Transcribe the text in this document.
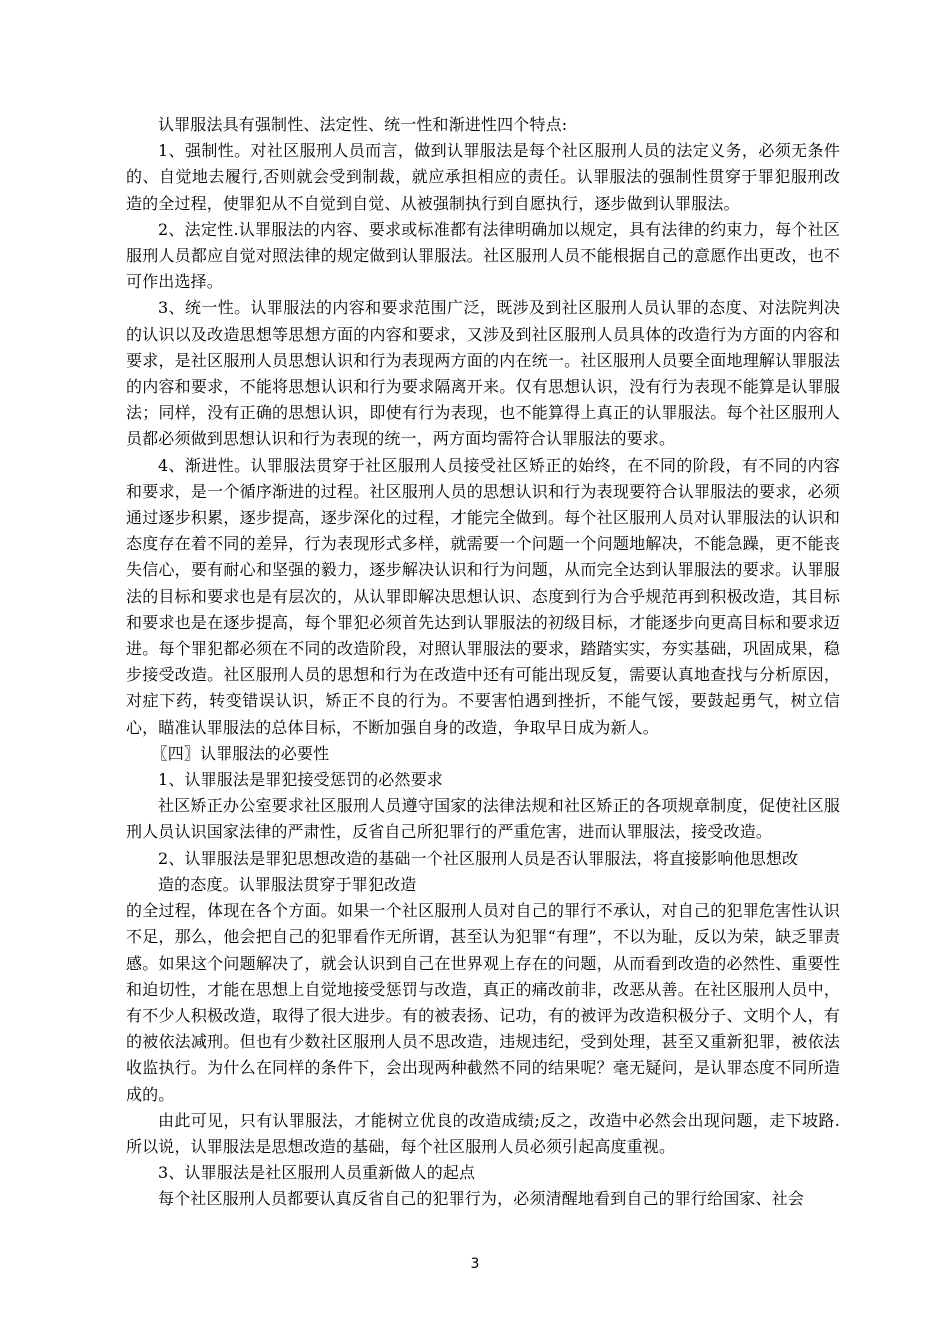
认罪服法具有强制性、法定性、统一性和渐进性四个特点:

1、强制性。对社区服刑人员而言，做到认罪服法是每个社区服刑人员的法定义务，必须无条件的、自觉地去履行,否则就会受到制裁，就应承担相应的责任。认罪服法的强制性贯穿于罪犯服刑改造的全过程，使罪犯从不自觉到自觉、从被强制执行到自愿执行，逐步做到认罪服法。

2、法定性.认罪服法的内容、要求或标准都有法律明确加以规定，具有法律的约束力，每个社区服刑人员都应自觉对照法律的规定做到认罪服法。社区服刑人员不能根据自己的意愿作出更改，也不可作出选择。

3、统一性。认罪服法的内容和要求范围广泛，既涉及到社区服刑人员认罪的态度、对法院判决的认识以及改造思想等思想方面的内容和要求，又涉及到社区服刑人员具体的改造行为方面的内容和要求，是社区服刑人员思想认识和行为表现两方面的内在统一。社区服刑人员要全面地理解认罪服法的内容和要求，不能将思想认识和行为要求隔离开来。仅有思想认识，没有行为表现不能算是认罪服法；同样，没有正确的思想认识，即使有行为表现，也不能算得上真正的认罪服法。每个社区服刑人员都必须做到思想认识和行为表现的统一，两方面均需符合认罪服法的要求。

4、渐进性。认罪服法贯穿于社区服刑人员接受社区矫正的始终，在不同的阶段，有不同的内容和要求，是一个循序渐进的过程。社区服刑人员的思想认识和行为表现要符合认罪服法的要求，必须通过逐步积累，逐步提高，逐步深化的过程，才能完全做到。每个社区服刑人员对认罪服法的认识和态度存在着不同的差异，行为表现形式多样，就需要一个问题一个问题地解决，不能急躁，更不能丧失信心，要有耐心和坚强的毅力，逐步解决认识和行为问题，从而完全达到认罪服法的要求。认罪服法的目标和要求也是有层次的，从认罪即解决思想认识、态度到行为合乎规范再到积极改造，其目标和要求也是在逐步提高，每个罪犯必须首先达到认罪服法的初级目标，才能逐步向更高目标和要求迈进。每个罪犯都必须在不同的改造阶段，对照认罪服法的要求，踏踏实实，夯实基础，巩固成果，稳步接受改造。社区服刑人员的思想和行为在改造中还有可能出现反复，需要认真地查找与分析原因，对症下药，转变错误认识，矫正不良的行为。不要害怕遇到挫折，不能气馁，要鼓起勇气，树立信心，瞄准认罪服法的总体目标，不断加强自身的改造，争取早日成为新人。

〖四〗认罪服法的必要性

1、认罪服法是罪犯接受惩罚的必然要求

社区矫正办公室要求社区服刑人员遵守国家的法律法规和社区矫正的各项规章制度，促使社区服刑人员认识国家法律的严肃性，反省自己所犯罪行的严重危害，进而认罪服法，接受改造。

2、认罪服法是罪犯思想改造的基础一个社区服刑人员是否认罪服法，将直接影响他思想改

造的态度。认罪服法贯穿于罪犯改造

的全过程，体现在各个方面。如果一个社区服刑人员对自己的罪行不承认，对自己的犯罪危害性认识不足，那么，他会把自己的犯罪看作无所谓，甚至认为犯罪“有理”，不以为耻，反以为荣，缺乏罪责感。如果这个问题解决了，就会认识到自己在世界观上存在的问题，从而看到改造的必然性、重要性和迫切性，才能在思想上自觉地接受惩罚与改造，真正的痛改前非，改恶从善。在社区服刑人员中，有不少人积极改造，取得了很大进步。有的被表扬、记功，有的被评为改造积极分子、文明个人，有的被依法减刑。但也有少数社区服刑人员不思改造，违规违纪，受到处理，甚至又重新犯罪，被依法收监执行。为什么在同样的条件下，会出现两种截然不同的结果呢？毫无疑问，是认罪态度不同所造成的。

由此可见，只有认罪服法，才能树立优良的改造成绩;反之，改造中必然会出现问题，走下坡路.所以说，认罪服法是思想改造的基础，每个社区服刑人员必须引起高度重视。

3、认罪服法是社区服刑人员重新做人的起点

每个社区服刑人员都要认真反省自己的犯罪行为，必须清醒地看到自己的罪行给国家、社会

3
